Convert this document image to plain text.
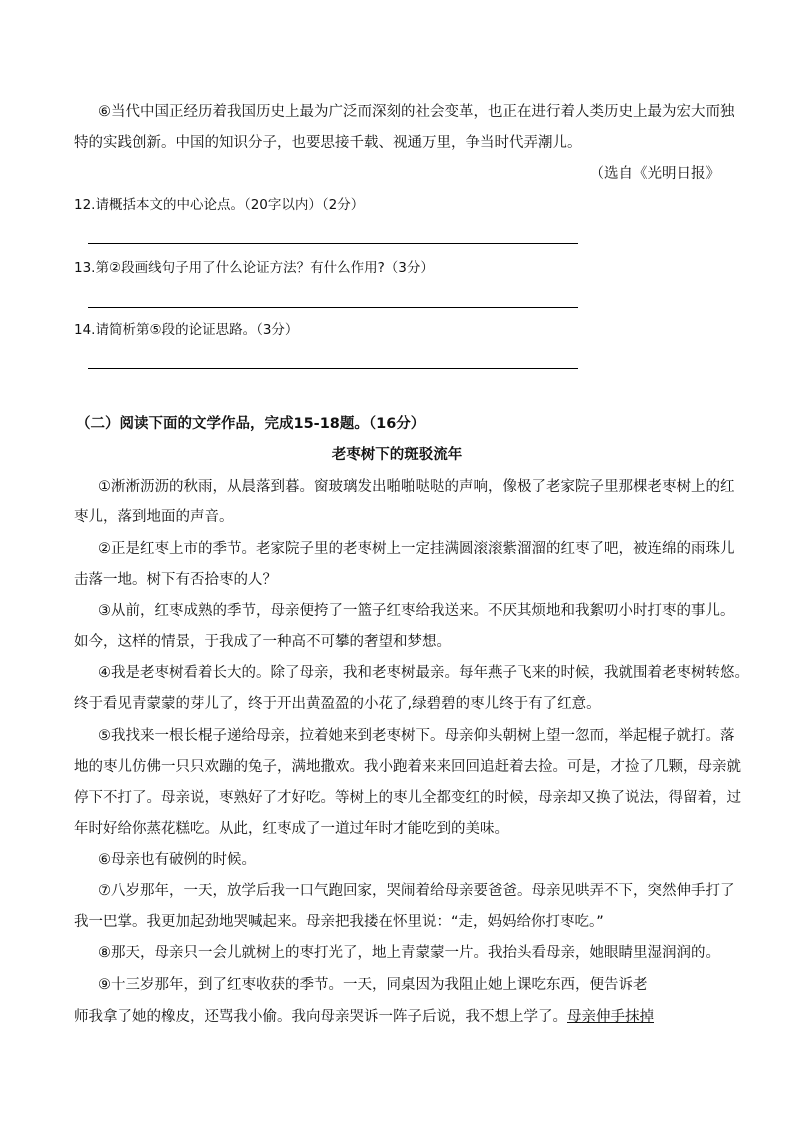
⑥当代中国正经历着我国历史上最为广泛而深刻的社会变革，也正在进行着人类历史上最为宏大而独
特的实践创新。中国的知识分子，也要思接千载、视通万里，争当时代弄潮儿。
（选自《光明日报》
12.请概括本文的中心论点。（20字以内）（2分）
13.第②段画线句子用了什么论证方法？有什么作用?（3分）
14.请简析第⑤段的论证思路。（3分）
（二）阅读下面的文学作品，完成15-18题。（16分）
老枣树下的斑驳流年
①淅淅沥沥的秋雨，从晨落到暮。窗玻璃发出啪啪哒哒的声响，像极了老家院子里那棵老枣树上的红
枣儿，落到地面的声音。
②正是红枣上市的季节。老家院子里的老枣树上一定挂满圆滚滚紫溜溜的红枣了吧，被连绵的雨珠儿
击落一地。树下有否拾枣的人？
③从前，红枣成熟的季节，母亲便挎了一篮子红枣给我送来。不厌其烦地和我絮叨小时打枣的事儿。
如今，这样的情景，于我成了一种高不可攀的奢望和梦想。
④我是老枣树看着长大的。除了母亲，我和老枣树最亲。每年燕子飞来的时候，我就围着老枣树转悠。
终于看见青蒙蒙的芽儿了，终于开出黄盈盈的小花了,绿碧碧的枣儿终于有了红意。
⑤我找来一根长棍子递给母亲，拉着她来到老枣树下。母亲仰头朝树上望一忽而，举起棍子就打。落
地的枣儿仿佛一只只欢蹦的兔子，满地撒欢。我小跑着来来回回追赶着去捡。可是，才捡了几颗，母亲就
停下不打了。母亲说，枣熟好了才好吃。等树上的枣儿全都变红的时候，母亲却又换了说法，得留着，过
年时好给你蒸花糕吃。从此，红枣成了一道过年时才能吃到的美味。
⑥母亲也有破例的时候。
⑦八岁那年，一天，放学后我一口气跑回家，哭闹着给母亲要爸爸。母亲见哄弄不下，突然伸手打了
我一巴掌。我更加起劲地哭喊起来。母亲把我搂在怀里说：“走，妈妈给你打枣吃。”
⑧那天，母亲只一会儿就树上的枣打光了，地上青蒙蒙一片。我抬头看母亲，她眼睛里湿润润的。
⑨十三岁那年，到了红枣收获的季节。一天，同桌因为我阻止她上课吃东西，便告诉老
师我拿了她的橡皮，还骂我小偷。我向母亲哭诉一阵子后说，我不想上学了。母亲伸手抹掉
